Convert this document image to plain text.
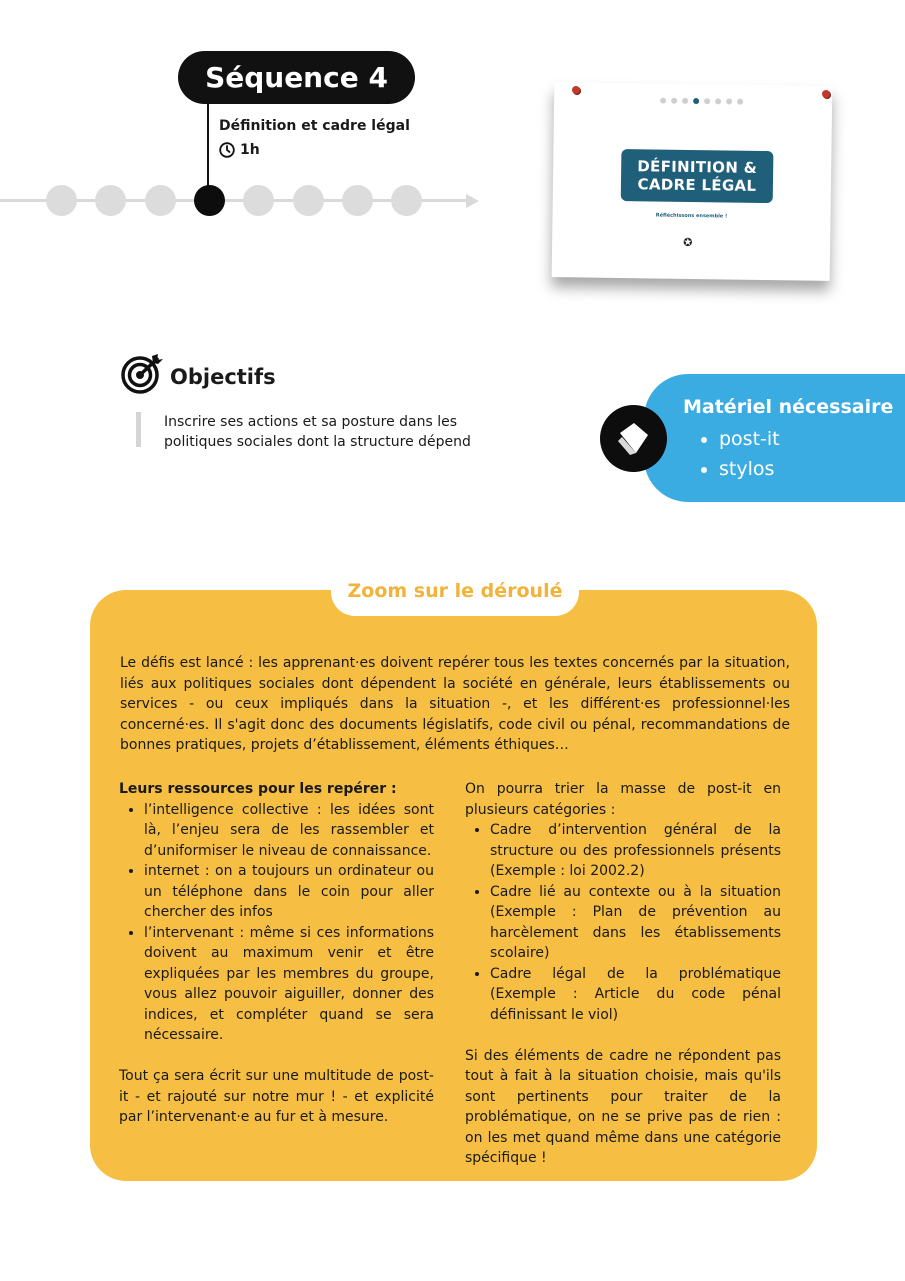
Séquence 4
Définition et cadre légal
1h
DÉFINITION &
CADRE LÉGAL
Réfléchissons ensemble !
✪
Objectifs
Inscrire ses actions et sa posture dans les politiques sociales dont la structure dépend
Matériel nécessaire
• post-it
• stylos
Zoom sur le déroulé
Le défis est lancé : les apprenant·es doivent repérer tous les textes concernés par la situation, liés aux politiques sociales dont dépendent la société en générale, leurs établissements ou services - ou ceux impliqués dans la situation -, et les différent·es professionnel·les concerné·es. Il s'agit donc des documents législatifs, code civil ou pénal, recommandations de bonnes pratiques, projets d’établissement, éléments éthiques…

Leurs ressources pour les repérer :

• l’intelligence collective : les idées sont là, l’enjeu sera de les rassembler et d’uniformiser le niveau de connaissance.
• internet : on a toujours un ordinateur ou un téléphone dans le coin pour aller chercher des infos
• l’intervenant : même si ces informations doivent au maximum venir et être expliquées par les membres du groupe, vous allez pouvoir aiguiller, donner des indices, et compléter quand se sera nécessaire.

Tout ça sera écrit sur une multitude de post-it - et rajouté sur notre mur ! - et explicité par l’intervenant·e au fur et à mesure.

On pourra trier la masse de post-it en plusieurs catégories :

• Cadre d’intervention général de la structure ou des professionnels présents (Exemple : loi 2002.2)
• Cadre lié au contexte ou à la situation (Exemple : Plan de prévention au harcèlement dans les établissements scolaire)
• Cadre légal de la problématique (Exemple : Article du code pénal définissant le viol)

Si des éléments de cadre ne répondent pas tout à fait à la situation choisie, mais qu'ils sont pertinents pour traiter de la problématique, on ne se prive pas de rien : on les met quand même dans une catégorie spécifique !
